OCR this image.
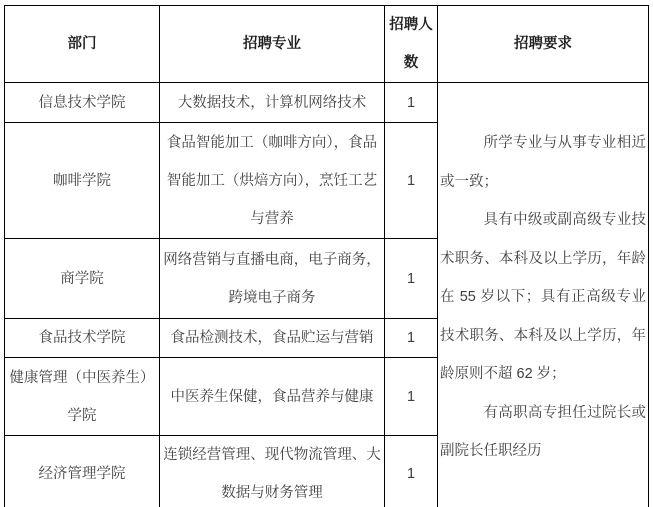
部门	招聘专业	招聘人数	招聘要求
信息技术学院	大数据技术，计算机网络技术	1	所学专业与从事专业相近或一致；

具有中级或副高级专业技术职务、本科及以上学历，年龄在 55 岁以下；具有正高级专业技术职务、本科及以上学历，年龄原则不超 62 岁；

有高职高专担任过院长或副院长任职经历

咖啡学院	食品智能加工（咖啡方向），食品智能加工（烘焙方向），烹饪工艺与营养	1	
商学院	网络营销与直播电商，电子商务，跨境电子商务	1	
食品技术学院	食品检测技术，食品贮运与营销	1	
健康管理（中医养生）学院	中医养生保健，食品营养与健康	1	
经济管理学院	连锁经营管理、现代物流管理、大数据与财务管理	1	
